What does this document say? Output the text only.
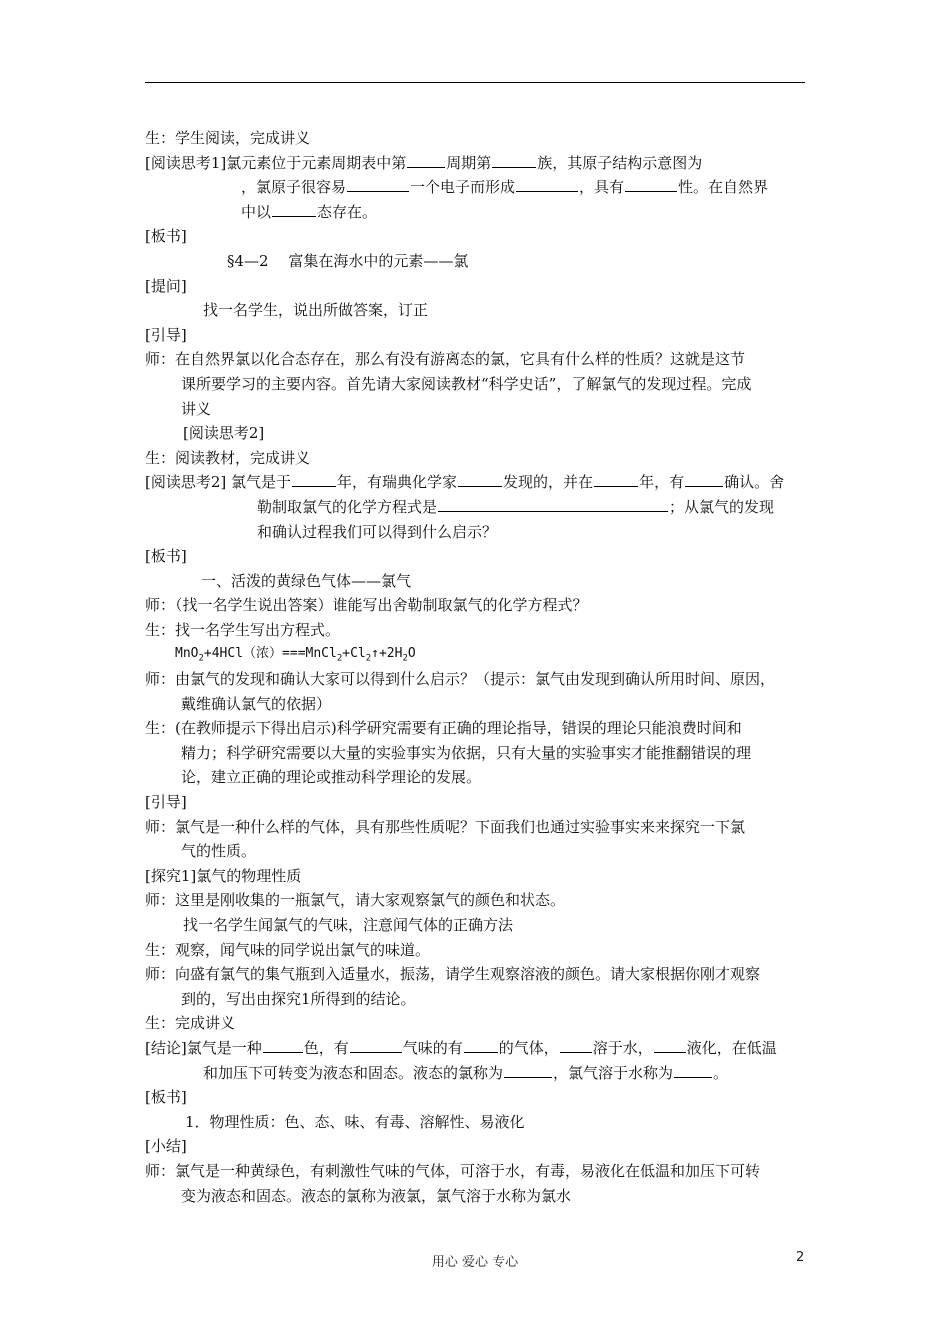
生：学生阅读，完成讲义
[阅读思考1]氯元素位于元素周期表中第	周期第	族，其原子结构示意图为
，氯原子很容易	一个电子而形成	，具有	性。在自然界
中以	态存在。
[板书]
§4—2　 富集在海水中的元素——氯
[提问]
找一名学生，说出所做答案，订正
[引导]
师：在自然界氯以化合态存在，那么有没有游离态的氯，它具有什么样的性质？这就是这节
课所要学习的主要内容。首先请大家阅读教材“科学史话”，了解氯气的发现过程。完成
讲义
[阅读思考2]
生：阅读教材，完成讲义
[阅读思考2] 氯气是于	年，有瑞典化学家	发现的，并在	年，有	确认。舍
勒制取氯气的化学方程式是	；从氯气的发现
和确认过程我们可以得到什么启示？
[板书]
一、活泼的黄绿色气体——氯气
师：（找一名学生说出答案）谁能写出舍勒制取氯气的化学方程式？
生：找一名学生写出方程式。
MnO$_2$+4HCl（浓）$===MnCl_2+Cl_2↑+2H_2O$
师：由氯气的发现和确认大家可以得到什么启示？（提示：氯气由发现到确认所用时间、原因，
戴维确认氯气的依据）
生：(在教师提示下得出启示)科学研究需要有正确的理论指导，错误的理论只能浪费时间和
精力；科学研究需要以大量的实验事实为依据，只有大量的实验事实才能推翻错误的理
论，建立正确的理论或推动科学理论的发展。
[引导]
师：氯气是一种什么样的气体，具有那些性质呢？下面我们也通过实验事实来来探究一下氯
气的性质。
[探究1]氯气的物理性质
师：这里是刚收集的一瓶氯气，请大家观察氯气的颜色和状态。
找一名学生闻氯气的气味，注意闻气体的正确方法
生：观察，闻气味的同学说出氯气的味道。
师：向盛有氯气的集气瓶到入适量水，振荡，请学生观察溶液的颜色。请大家根据你刚才观察
到的，写出由探究1所得到的结论。
生：完成讲义
[结论]氯气是一种	色，有	气味的有 的气体， 溶于水， 液化，在低温
和加压下可转变为液态和固态。液态的氯称为	，氯气溶于水称为	。
[板书]
1．物理性质：色、态、味、有毒、溶解性、易液化
[小结]
师：氯气是一种黄绿色，有刺激性气味的气体，可溶于水，有毒，易液化在低温和加压下可转
变为液态和固态。液态的氯称为液氯，氯气溶于水称为氯水
用心 爱心 专心	2
